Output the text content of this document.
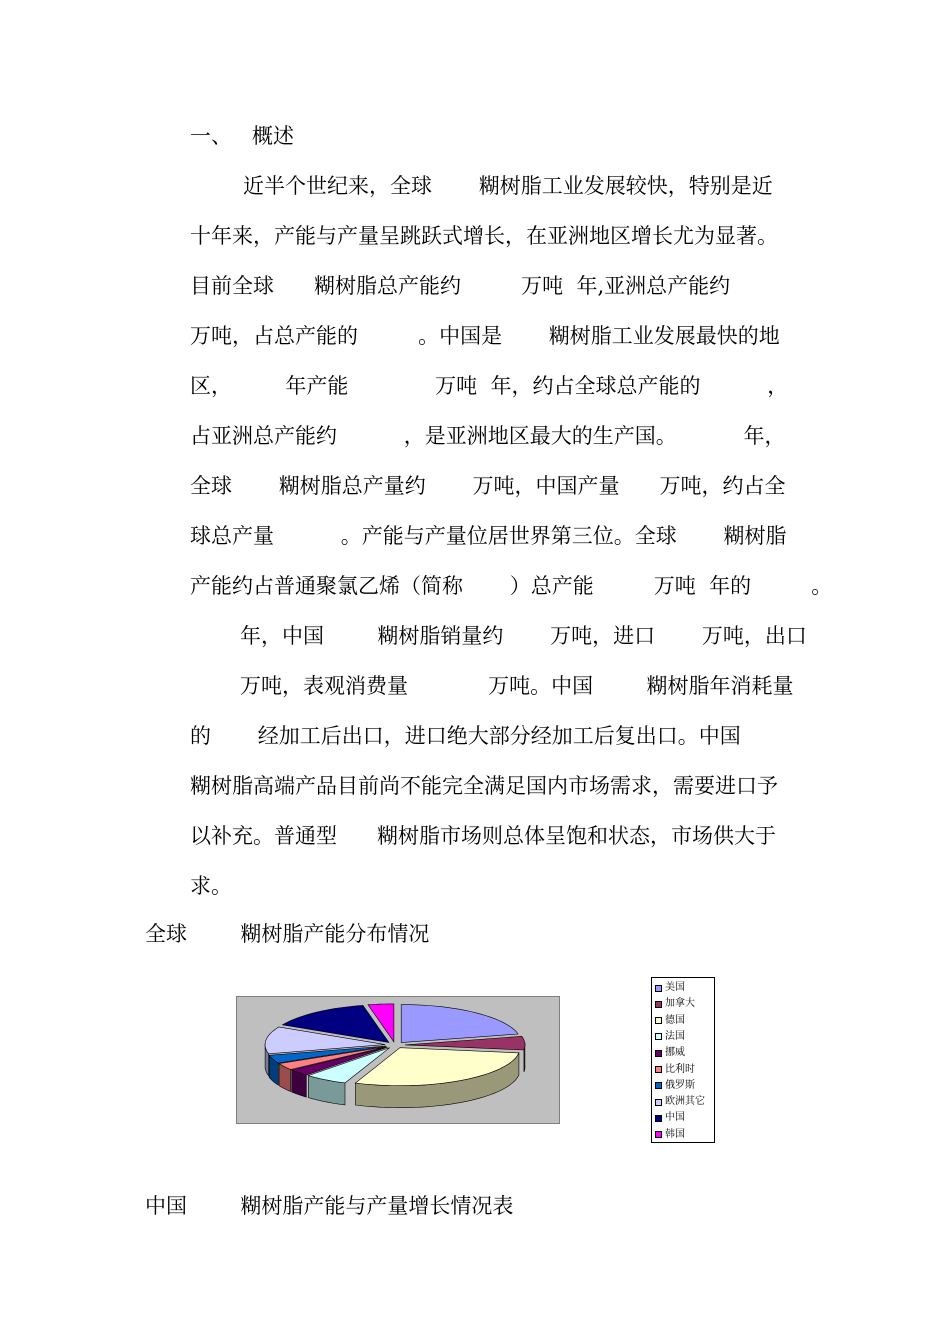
一、   概述
近半个世纪来，全球       糊树脂工业发展较快，特别是近
十年来，产能与产量呈跳跃式增长，在亚洲地区增长尤为显著。
目前全球      糊树脂总产能约         万吨  年,亚洲总产能约
万吨，占总产能的         。中国是       糊树脂工业发展最快的地
区，        年产能             万吨  年，约占全球总产能的          ，
占亚洲总产能约          ，是亚洲地区最大的生产国。          年，
全球       糊树脂总产量约       万吨，中国产量      万吨，约占全
球总产量          。产能与产量位居世界第三位。全球       糊树脂
产能约占普通聚氯乙烯（简称       ）总产能         万吨  年的         。
年，中国        糊树脂销量约       万吨，进口       万吨，出口
万吨，表观消费量            万吨。中国        糊树脂年消耗量
的       经加工后出口，进口绝大部分经加工后复出口。中国
糊树脂高端产品目前尚不能完全满足国内市场需求，需要进口予
以补充。普通型      糊树脂市场则总体呈饱和状态，市场供大于
求。
全球        糊树脂产能分布情况
美国
加拿大
德国
法国
挪威
比利时
俄罗斯
欧洲其它
中国
韩国
中国        糊树脂产能与产量增长情况表
